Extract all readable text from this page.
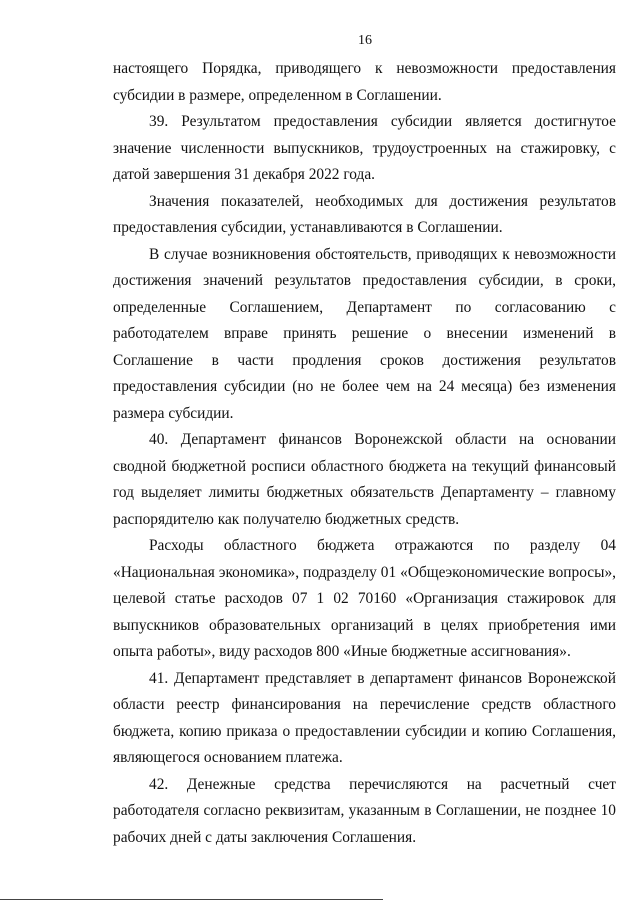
16

настоящего Порядка, приводящего к невозможности предоставления субсидии в размере, определенном в Соглашении.

39. Результатом предоставления субсидии является достигнутое значение численности выпускников, трудоустроенных на стажировку, с датой завершения 31 декабря 2022 года.

Значения показателей, необходимых для достижения результатов предоставления субсидии, устанавливаются в Соглашении.

В случае возникновения обстоятельств, приводящих к невозможности достижения значений результатов предоставления субсидии, в сроки, определенные Соглашением, Департамент по согласованию с работодателем вправе принять решение о внесении изменений в Соглашение в части продления сроков достижения результатов предоставления субсидии (но не более чем на 24 месяца) без изменения размера субсидии.

40. Департамент финансов Воронежской области на основании сводной бюджетной росписи областного бюджета на текущий финансовый год выделяет лимиты бюджетных обязательств Департаменту – главному распорядителю как получателю бюджетных средств.

Расходы областного бюджета отражаются по разделу 04 «Национальная экономика», подразделу 01 «Общеэкономические вопросы», целевой статье расходов 07 1 02 70160 «Организация стажировок для выпускников образовательных организаций в целях приобретения ими опыта работы», виду расходов 800 «Иные бюджетные ассигнования».

41. Департамент представляет в департамент финансов Воронежской области реестр финансирования на перечисление средств областного бюджета, копию приказа о предоставлении субсидии и копию Соглашения, являющегося основанием платежа.

42. Денежные средства перечисляются на расчетный счет работодателя согласно реквизитам, указанным в Соглашении, не позднее 10 рабочих дней с даты заключения Соглашения.
